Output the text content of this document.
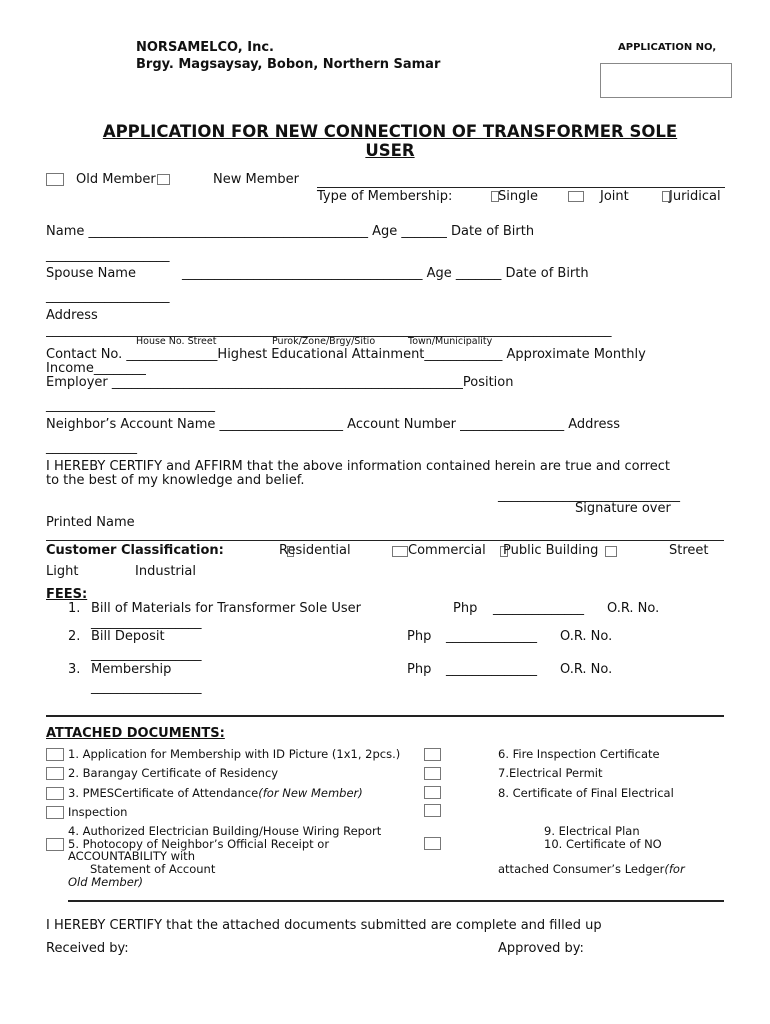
NORSAMELCO, Inc.
Brgy. Magsaysay, Bobon, Northern Samar
APPLICATION NO,
APPLICATION FOR NEW CONNECTION OF TRANSFORMER SOLE
USER
Old Member	New Member
Type of Membership:	Single	Joint	Juridical
Name ___________________________________________ Age _______ Date of Birth
___________________
Spouse Name	_____________________________________ Age _______ Date of Birth
___________________
Address
_______________________________________________________________________________________
House No. Street	Purok/Zone/Brgy/Sitio	Town/Municipality
Contact No. ______________Highest Educational Attainment____________ Approximate Monthly
Income________
Employer ______________________________________________________Position
__________________________
Neighbor’s Account Name ___________________ Account Number ________________ Address
______________
I HEREBY CERTIFY and AFFIRM that the above information contained herein are true and correct
to the best of my knowledge and belief.
____________________________
Signature over
Printed Name
Customer Classification:	Residential	Commercial Public Building	Street
Light	Industrial
FEES:
1. Bill of Materials for Transformer Sole User	Php ______________ O.R. No.
_________________
2. Bill Deposit	Php ______________ O.R. No.
_________________
3. Membership	Php ______________ O.R. No.
_________________
ATTACHED DOCUMENTS:
1. Application for Membership with ID Picture (1x1, 2pcs.)	6. Fire Inspection Certificate
2. Barangay Certificate of Residency	7.Electrical Permit
3. PMESCertificate of Attendance(for New Member)	8. Certificate of Final Electrical
Inspection
4. Authorized Electrician Building/House Wiring Report	9. Electrical Plan
5. Photocopy of Neighbor’s Official Receipt or	10. Certificate of NO
ACCOUNTABILITY with
Statement of Account	attached Consumer’s Ledger(for
Old Member)
I HEREBY CERTIFY that the attached documents submitted are complete and filled up
Received by:	Approved by:
